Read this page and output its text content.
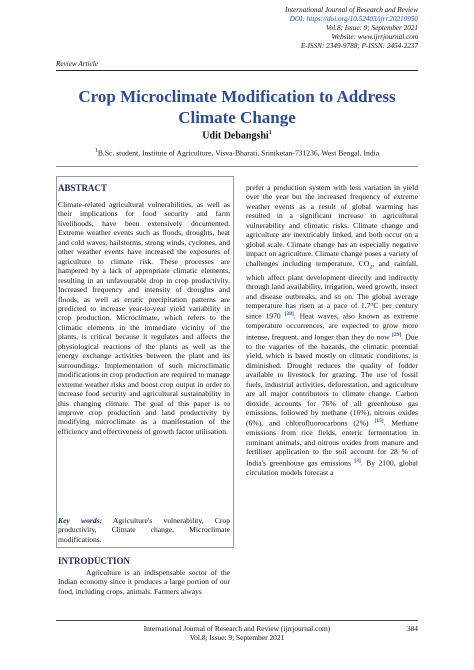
International Journal of Research and Review
DOI: https://doi.org/10.52403/ijrr.20210950
Vol.8; Issue: 9; September 2021
Website: www.ijrrjournal.com
E-ISSN: 2349-9788; P-ISSN: 2454-2237
Review Article
Crop Microclimate Modification to Address Climate Change
Udit Debangshi$^1$
$^1$B.Sc. student, Institute of Agriculture, Visva-Bharati, Sriniketan-731236, West Bengal, India
ABSTRACT
Climate-related agricultural vulnerabilities, as well as their implications for food security and farm livelihoods, have been extensively documented. Extreme weather events such as floods, droughts, heat and cold waves, hailstorms, strong winds, cyclones, and other weather events have increased the exposures of agriculture to climate risk. These processes are hampered by a lack of appropriate climatic elements, resulting in an unfavourable drop in crop productivity. Increased frequency and intensity of droughts and floods, as well as erratic precipitation patterns are predicted to increase year-to-year yield variability in crop production. Microclimate, which refers to the climatic elements in the immediate vicinity of the plants, is critical because it regulates and affects the physiological reactions of the plants as well as the energy exchange activities between the plant and its surroundings. Implementation of such microclimatic modifications in crop production are required to manage extreme weather risks and boost crop output in order to increase food security and agricultural sustainability in this changing climate. The goal of this paper is to improve crop production and land productivity by modifying microclimate as a manifestation of the efficiency and effectiveness of growth factor utilisation.
Key words: Agriculture's vulnerability, Crop productivity, Climate change, Microclimate modifications.
INTRODUCTION
Agriculture is an indispensable sector of the Indian economy since it produces a large portion of our food, including crops, animals. Farmers always
prefer a production system with less variation in yield over the year but the increased frequency of extreme weather events as a result of global warming has resulted in a significant increase in agricultural vulnerability and climatic risks. Climate change and agriculture are inextricably linked, and both occur on a global scale. Climate change has an especially negative impact on agriculture. Climate change poses a variety of challenges including temperature, $CO_2$, and rainfall, which affect plant development directly and indirectly through land availability, irrigation, weed growth, insect and disease outbreaks, and so on. The global average temperature has risen at a pace of 1.7°C per century since 1970 [28]. Heat waves, also known as extreme temperature occurrences, are expected to grow more intense, frequent, and longer than they do now [29]. Due to the vagaries of the hazards, the climatic potential yield, which is based mostly on climatic conditions, is diminished. Drought reduces the quality of fodder available to livestock for grazing. The use of fossil fuels, industrial activities, deforestation, and agriculture are all major contributors to climate change. Carbon dioxide accounts for 76% of all greenhouse gas emissions, followed by methane (16%), nitrous oxides (6%), and chlorofluorocarbons (2%) [15]. Methane emissions from rice fields, enteric fermentation in ruminant animals, and nitrous oxides from manure and fertiliser application to the soil account for 28 % of India's greenhouse gas emissions [3]. By 2100, global circulation models forecast a
International Journal of Research and Review (ijrrjournal.com)
Vol.8; Issue: 9; September 2021
384
